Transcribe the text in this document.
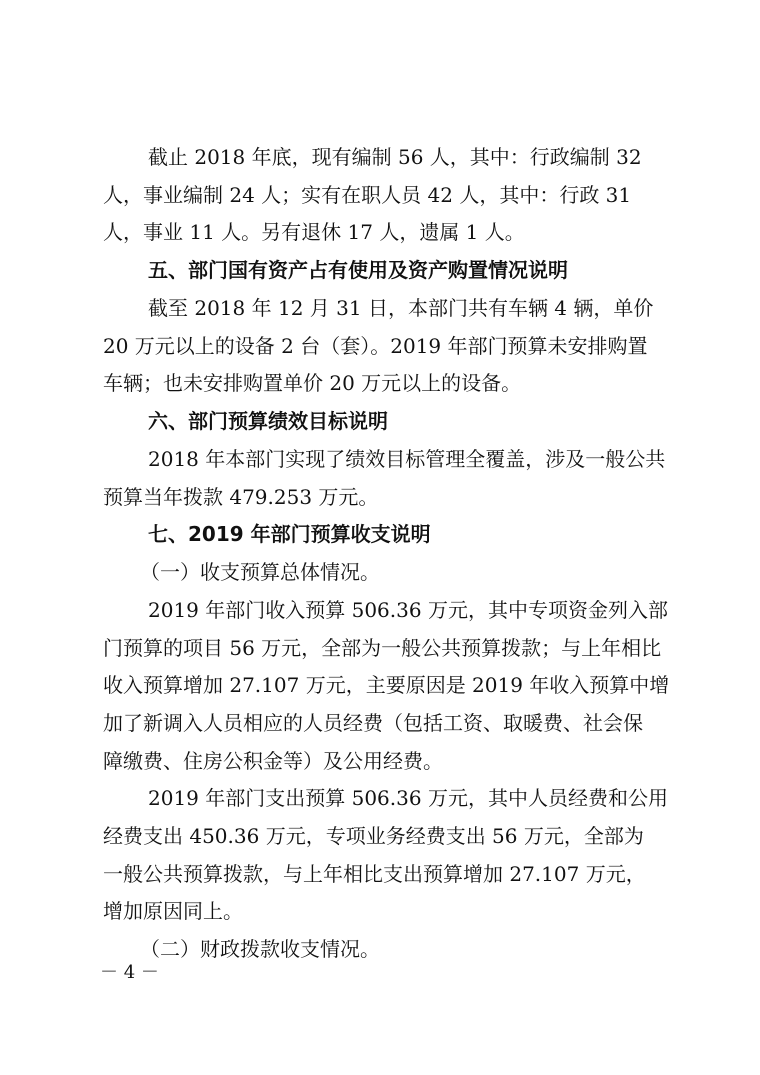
截止 2018 年底，现有编制 56 人，其中：行政编制 32
人，事业编制 24 人；实有在职人员 42 人，其中：行政 31
人，事业 11 人。另有退休 17 人，遗属 1 人。
五、部门国有资产占有使用及资产购置情况说明
截至 2018 年 12 月 31 日，本部门共有车辆 4 辆，单价
20 万元以上的设备 2 台（套）。2019 年部门预算未安排购置
车辆；也未安排购置单价 20 万元以上的设备。
六、部门预算绩效目标说明
2018 年本部门实现了绩效目标管理全覆盖，涉及一般公共
预算当年拨款 479.253 万元。
七、2019 年部门预算收支说明
（一）收支预算总体情况。
2019 年部门收入预算 506.36 万元，其中专项资金列入部
门预算的项目 56 万元，全部为一般公共预算拨款；与上年相比
收入预算增加 27.107 万元，主要原因是 2019 年收入预算中增
加了新调入人员相应的人员经费（包括工资、取暖费、社会保
障缴费、住房公积金等）及公用经费。
2019 年部门支出预算 506.36 万元，其中人员经费和公用
经费支出 450.36 万元，专项业务经费支出 56 万元，全部为
一般公共预算拨款，与上年相比支出预算增加 27.107 万元，
增加原因同上。
（二）财政拨款收支情况。
－ 4 －
